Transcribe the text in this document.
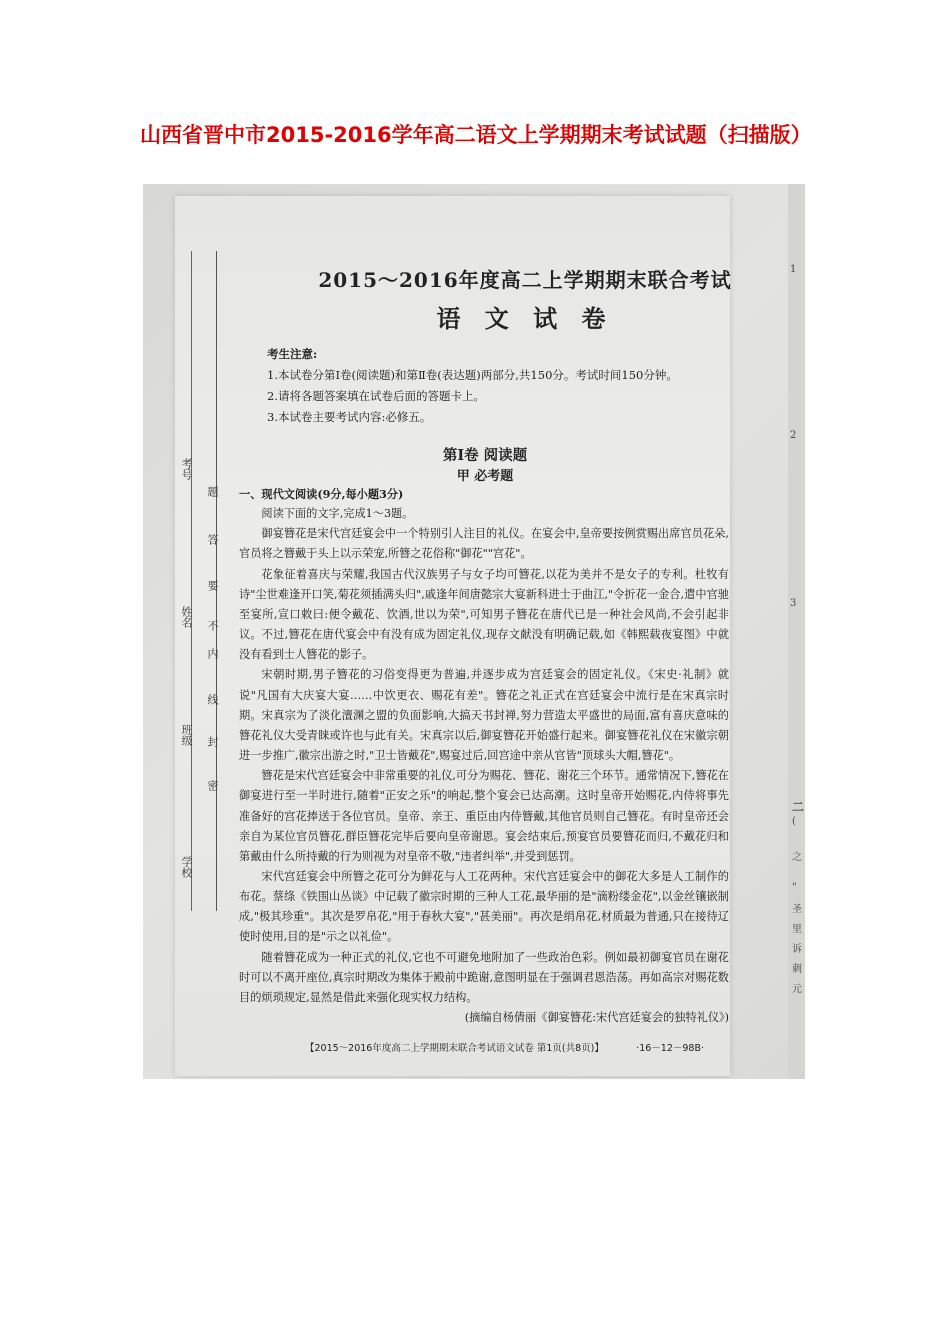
山西省晋中市2015-2016学年高二语文上学期期末考试试题（扫描版）
1
2
3
二
(
之
"
圣
里
诉
刺
元
考号
姓名
班级
学校
题
答
要
不
内
线
封
密
2015～2016年度高二上学期期末联合考试
语 文 试 卷
考生注意:
1.本试卷分第Ⅰ卷(阅读题)和第Ⅱ卷(表达题)两部分,共150分。考试时间150分钟。
2.请将各题答案填在试卷后面的答题卡上。
3.本试卷主要考试内容:必修五。
第Ⅰ卷 阅读题
甲 必考题

一、现代文阅读(9分,每小题3分)

阅读下面的文字,完成1～3题。

御宴簪花是宋代宫廷宴会中一个特别引人注目的礼仪。在宴会中,皇帝要按例赏赐出席官员花朵,官员将之簪戴于头上以示荣宠,所簪之花俗称"御花""宫花"。

花象征着喜庆与荣耀,我国古代汉族男子与女子均可簪花,以花为美并不是女子的专利。杜牧有诗"尘世难逢开口笑,菊花须插满头归",戚逢年间唐懿宗大宴新科进士于曲江,"令折花一金合,遣中官驰至宴所,宣口敕曰:便令戴花、饮酒,世以为荣",可知男子簪花在唐代已是一种社会风尚,不会引起非议。不过,簪花在唐代宴会中有没有成为固定礼仪,现存文献没有明确记载,如《韩熙载夜宴图》中就没有看到士人簪花的影子。

宋朝时期,男子簪花的习俗变得更为普遍,并逐步成为宫廷宴会的固定礼仪。《宋史·礼制》就说"凡国有大庆宴大宴……中饮更衣、赐花有差"。簪花之礼正式在宫廷宴会中流行是在宋真宗时期。宋真宗为了淡化澶渊之盟的负面影响,大搞天书封禅,努力营造太平盛世的局面,富有喜庆意味的簪花礼仪大受青睐或许也与此有关。宋真宗以后,御宴簪花开始盛行起来。御宴簪花礼仪在宋徽宗朝进一步推广,徽宗出游之时,"卫士皆戴花",赐宴过后,回宫途中亲从官皆"顶球头大帽,簪花"。

簪花是宋代宫廷宴会中非常重要的礼仪,可分为赐花、簪花、谢花三个环节。通常情况下,簪花在御宴进行至一半时进行,随着"正安之乐"的响起,整个宴会已达高潮。这时皇帝开始赐花,内侍将事先准备好的宫花捧送于各位官员。皇帝、亲王、重臣由内侍簪戴,其他官员则自己簪花。有时皇帝还会亲自为某位官员簪花,群臣簪花完毕后要向皇帝谢恩。宴会结束后,预宴官员要簪花而归,不戴花归和第戴由什么所持戴的行为则视为对皇帝不敬,"违者纠举",并受到惩罚。

宋代宫廷宴会中所簪之花可分为鲜花与人工花两种。宋代宫廷宴会中的御花大多是人工制作的布花。蔡绦《铁围山丛谈》中记载了徽宗时期的三种人工花,最华丽的是"滴粉缕金花",以金丝镶嵌制成,"极其珍重"。其次是罗帛花,"用于春秋大宴","甚美丽"。再次是绢帛花,材质最为普通,只在接待辽使时使用,目的是"示之以礼俭"。

随着簪花成为一种正式的礼仪,它也不可避免地附加了一些政治色彩。例如最初御宴官员在谢花时可以不离开座位,真宗时期改为集体于殿前中跪谢,意图明显在于强调君恩浩荡。再如高宗对赐花数目的烦琐规定,显然是借此来强化现实权力结构。

(摘编自杨倩丽《御宴簪花:宋代宫廷宴会的独特礼仪》)

【2015～2016年度高二上学期期末联合考试语文试卷 第1页(共8页)】	·16－12－98B·
